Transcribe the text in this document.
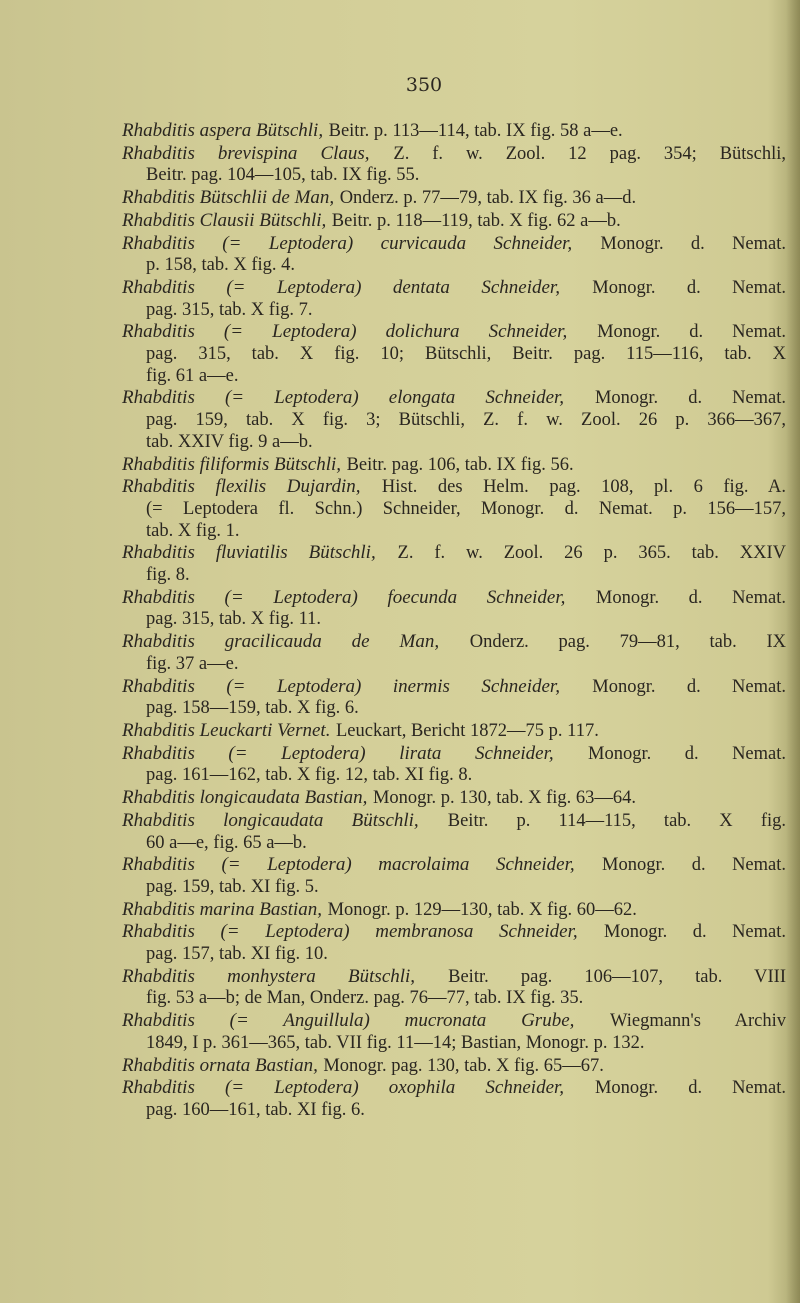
350
Rhabditis aspera Bütschli, Beitr. p. 113—114, tab. IX fig. 58 a—e.
Rhabditis brevispina Claus, Z. f. w. Zool. 12 pag. 354; Bütschli,
Beitr. pag. 104—105, tab. IX fig. 55.
Rhabditis Bütschlii de Man, Onderz. p. 77—79, tab. IX fig. 36 a—d.
Rhabditis Clausii Bütschli, Beitr. p. 118—119, tab. X fig. 62 a—b.
Rhabditis (= Leptodera) curvicauda Schneider, Monogr. d. Nemat.
p. 158, tab. X fig. 4.
Rhabditis (= Leptodera) dentata Schneider, Monogr. d. Nemat.
pag. 315, tab. X fig. 7.
Rhabditis (= Leptodera) dolichura Schneider, Monogr. d. Nemat.
pag. 315, tab. X fig. 10; Bütschli, Beitr. pag. 115—116, tab. X
fig. 61 a—e.
Rhabditis (= Leptodera) elongata Schneider, Monogr. d. Nemat.
pag. 159, tab. X fig. 3; Bütschli, Z. f. w. Zool. 26 p. 366—367,
tab. XXIV fig. 9 a—b.
Rhabditis filiformis Bütschli, Beitr. pag. 106, tab. IX fig. 56.
Rhabditis flexilis Dujardin, Hist. des Helm. pag. 108, pl. 6 fig. A.
(= Leptodera fl. Schn.) Schneider, Monogr. d. Nemat. p. 156—157,
tab. X fig. 1.
Rhabditis fluviatilis Bütschli, Z. f. w. Zool. 26 p. 365. tab. XXIV
fig. 8.
Rhabditis (= Leptodera) foecunda Schneider, Monogr. d. Nemat.
pag. 315, tab. X fig. 11.
Rhabditis gracilicauda de Man, Onderz. pag. 79—81, tab. IX
fig. 37 a—e.
Rhabditis (= Leptodera) inermis Schneider, Monogr. d. Nemat.
pag. 158—159, tab. X fig. 6.
Rhabditis Leuckarti Vernet. Leuckart, Bericht 1872—75 p. 117.
Rhabditis (= Leptodera) lirata Schneider, Monogr. d. Nemat.
pag. 161—162, tab. X fig. 12, tab. XI fig. 8.
Rhabditis longicaudata Bastian, Monogr. p. 130, tab. X fig. 63—64.
Rhabditis longicaudata Bütschli, Beitr. p. 114—115, tab. X fig.
60 a—e, fig. 65 a—b.
Rhabditis (= Leptodera) macrolaima Schneider, Monogr. d. Nemat.
pag. 159, tab. XI fig. 5.
Rhabditis marina Bastian, Monogr. p. 129—130, tab. X fig. 60—62.
Rhabditis (= Leptodera) membranosa Schneider, Monogr. d. Nemat.
pag. 157, tab. XI fig. 10.
Rhabditis monhystera Bütschli, Beitr. pag. 106—107, tab. VIII
fig. 53 a—b; de Man, Onderz. pag. 76—77, tab. IX fig. 35.
Rhabditis (= Anguillula) mucronata Grube, Wiegmann's Archiv
1849, I p. 361—365, tab. VII fig. 11—14; Bastian, Monogr. p. 132.
Rhabditis ornata Bastian, Monogr. pag. 130, tab. X fig. 65—67.
Rhabditis (= Leptodera) oxophila Schneider, Monogr. d. Nemat.
pag. 160—161, tab. XI fig. 6.
